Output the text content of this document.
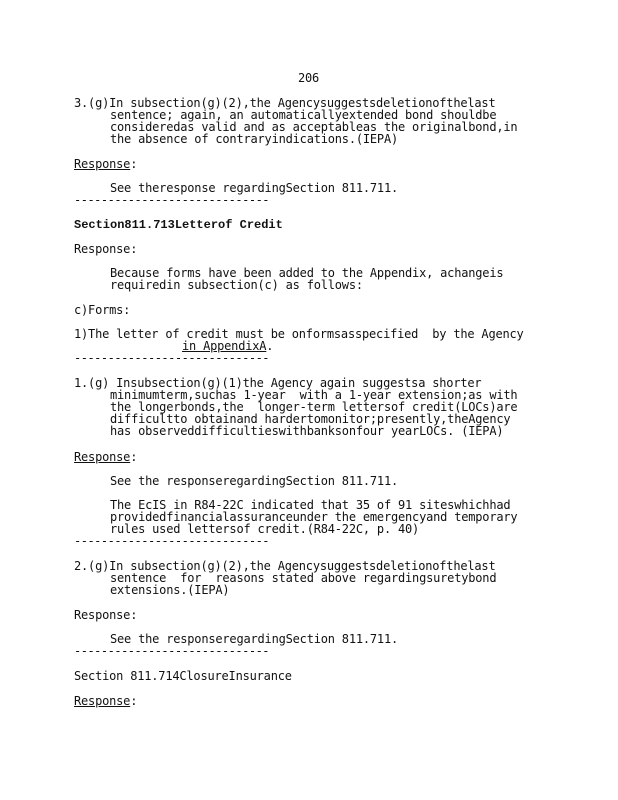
206
3.(g)In subsection(g)(2),the Agencysuggestsdeletionofthelast
sentence; again, an automaticallyextended bond shouldbe
consideredas valid and as acceptableas the originalbond,in
the absence of contraryindications.(IEPA)
Response:
See theresponse regardingSection 811.711.
-----------------------------
Section811.713Letterof Credit
Response:
Because forms have been added to the Appendix, achangeis
requiredin subsection(c) as follows:
c)Forms:
1)The letter of credit must be onformsasspecified  by the Agency
in AppendixA.
-----------------------------
1.(g) Insubsection(g)(1)the Agency again suggestsa shorter
minimumterm,suchas 1-year  with a 1-year extension;as with
the longerbonds,the  longer-term lettersof credit(LOCs)are
difficultto obtainand hardertomonitor;presently,theAgency
has observeddifficultieswithbanksonfour yearLOCs. (IEPA)
Response:
See the responseregardingSection 811.711.
The EcIS in R84-22C indicated that 35 of 91 siteswhichhad
providedfinancialassuranceunder the emergencyand temporary
rules used lettersof credit.(R84-22C, p. 40)
-----------------------------
2.(g)In subsection(g)(2),the Agencysuggestsdeletionofthelast
sentence  for  reasons stated above regardingsuretybond
extensions.(IEPA)
Response:
See the responseregardingSection 811.711.
-----------------------------
Section 811.714ClosureInsurance
Response:
